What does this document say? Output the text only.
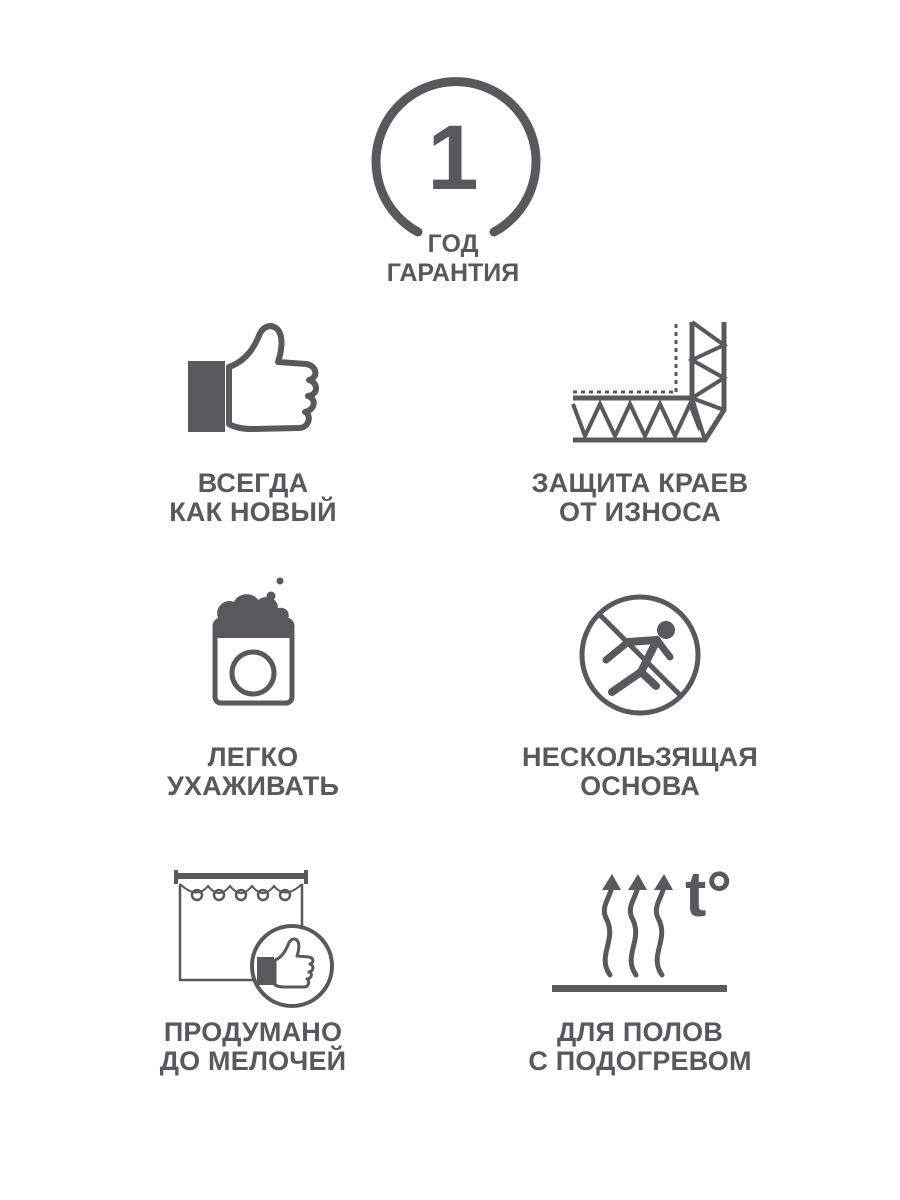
1
ГОД
ГАРАНТИЯ
ВСЕГДА
КАК НОВЫЙ
ЗАЩИТА КРАЕВ
ОТ ИЗНОСА
ЛЕГКО
УХАЖИВАТЬ
НЕСКОЛЬЗЯЩАЯ
ОСНОВА
ПРОДУМАНО
ДО МЕЛОЧЕЙ
t°
ДЛЯ ПОЛОВ
С ПОДОГРЕВОМ
